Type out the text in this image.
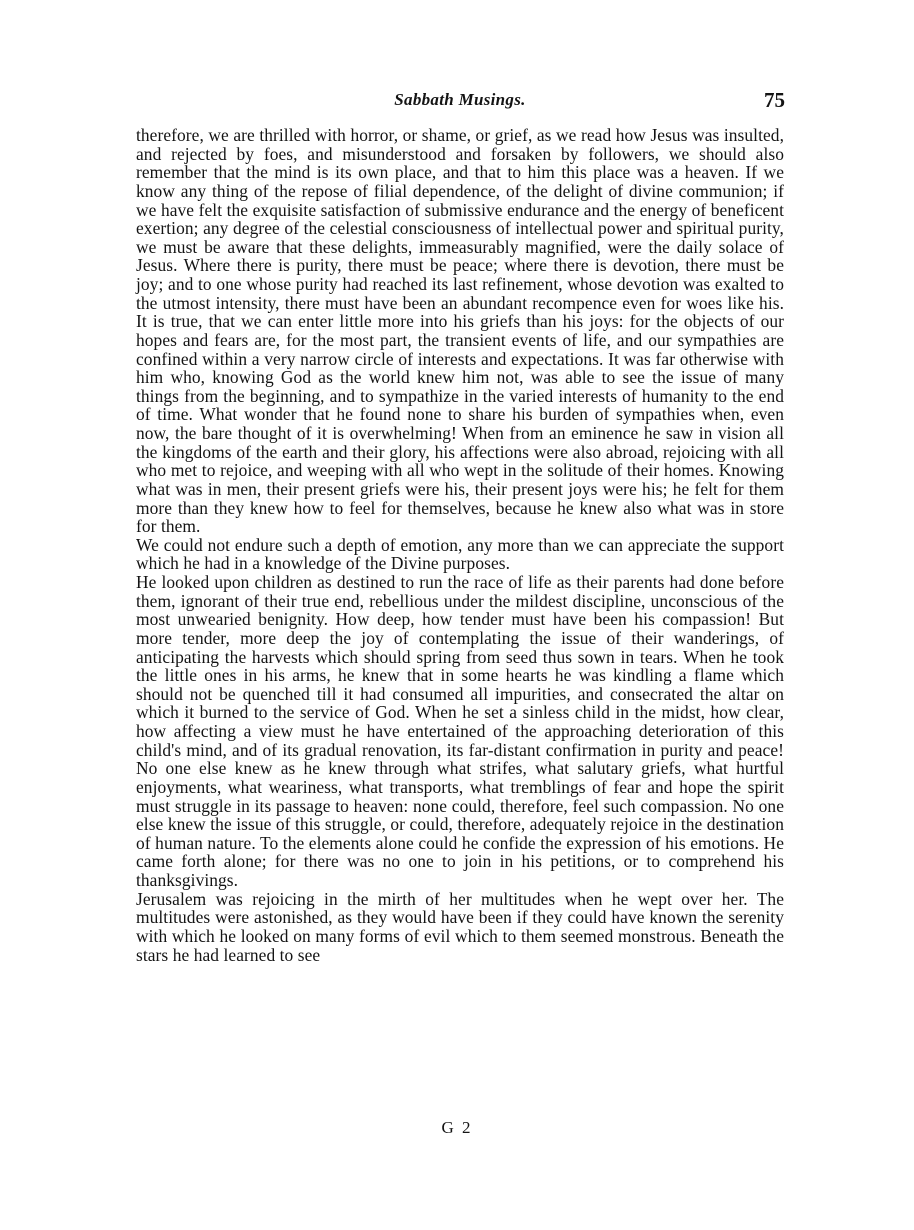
Sabbath Musings.	75

therefore, we are thrilled with horror, or shame, or grief, as we read how Jesus was insulted, and rejected by foes, and misunderstood and forsaken by followers, we should also remember that the mind is its own place, and that to him this place was a heaven. If we know any thing of the repose of filial dependence, of the delight of divine communion; if we have felt the exquisite satisfaction of submissive endurance and the energy of beneficent exertion; any degree of the celestial consciousness of intellectual power and spiritual purity, we must be aware that these delights, immeasurably magnified, were the daily solace of Jesus. Where there is purity, there must be peace; where there is devotion, there must be joy; and to one whose purity had reached its last refinement, whose devotion was exalted to the utmost intensity, there must have been an abundant recompence even for woes like his. It is true, that we can enter little more into his griefs than his joys: for the objects of our hopes and fears are, for the most part, the transient events of life, and our sympathies are confined within a very narrow circle of interests and expectations. It was far otherwise with him who, knowing God as the world knew him not, was able to see the issue of many things from the beginning, and to sympathize in the varied interests of humanity to the end of time. What wonder that he found none to share his burden of sympathies when, even now, the bare thought of it is overwhelming! When from an eminence he saw in vision all the kingdoms of the earth and their glory, his affections were also abroad, rejoicing with all who met to rejoice, and weeping with all who wept in the solitude of their homes. Knowing what was in men, their present griefs were his, their present joys were his; he felt for them more than they knew how to feel for themselves, because he knew also what was in store for them.

We could not endure such a depth of emotion, any more than we can appreciate the support which he had in a knowledge of the Divine purposes.

He looked upon children as destined to run the race of life as their parents had done before them, ignorant of their true end, rebellious under the mildest discipline, unconscious of the most unwearied benignity. How deep, how tender must have been his compassion! But more tender, more deep the joy of contemplating the issue of their wanderings, of anticipating the harvests which should spring from seed thus sown in tears. When he took the little ones in his arms, he knew that in some hearts he was kindling a flame which should not be quenched till it had consumed all impurities, and consecrated the altar on which it burned to the service of God. When he set a sinless child in the midst, how clear, how affecting a view must he have entertained of the approaching deterioration of this child's mind, and of its gradual renovation, its far-distant confirmation in purity and peace! No one else knew as he knew through what strifes, what salutary griefs, what hurtful enjoyments, what weariness, what transports, what tremblings of fear and hope the spirit must struggle in its passage to heaven: none could, therefore, feel such compassion. No one else knew the issue of this struggle, or could, therefore, adequately rejoice in the destination of human nature. To the elements alone could he confide the expression of his emotions. He came forth alone; for there was no one to join in his petitions, or to comprehend his thanksgivings.

Jerusalem was rejoicing in the mirth of her multitudes when he wept over her. The multitudes were astonished, as they would have been if they could have known the serenity with which he looked on many forms of evil which to them seemed monstrous. Beneath the stars he had learned to see

G 2
